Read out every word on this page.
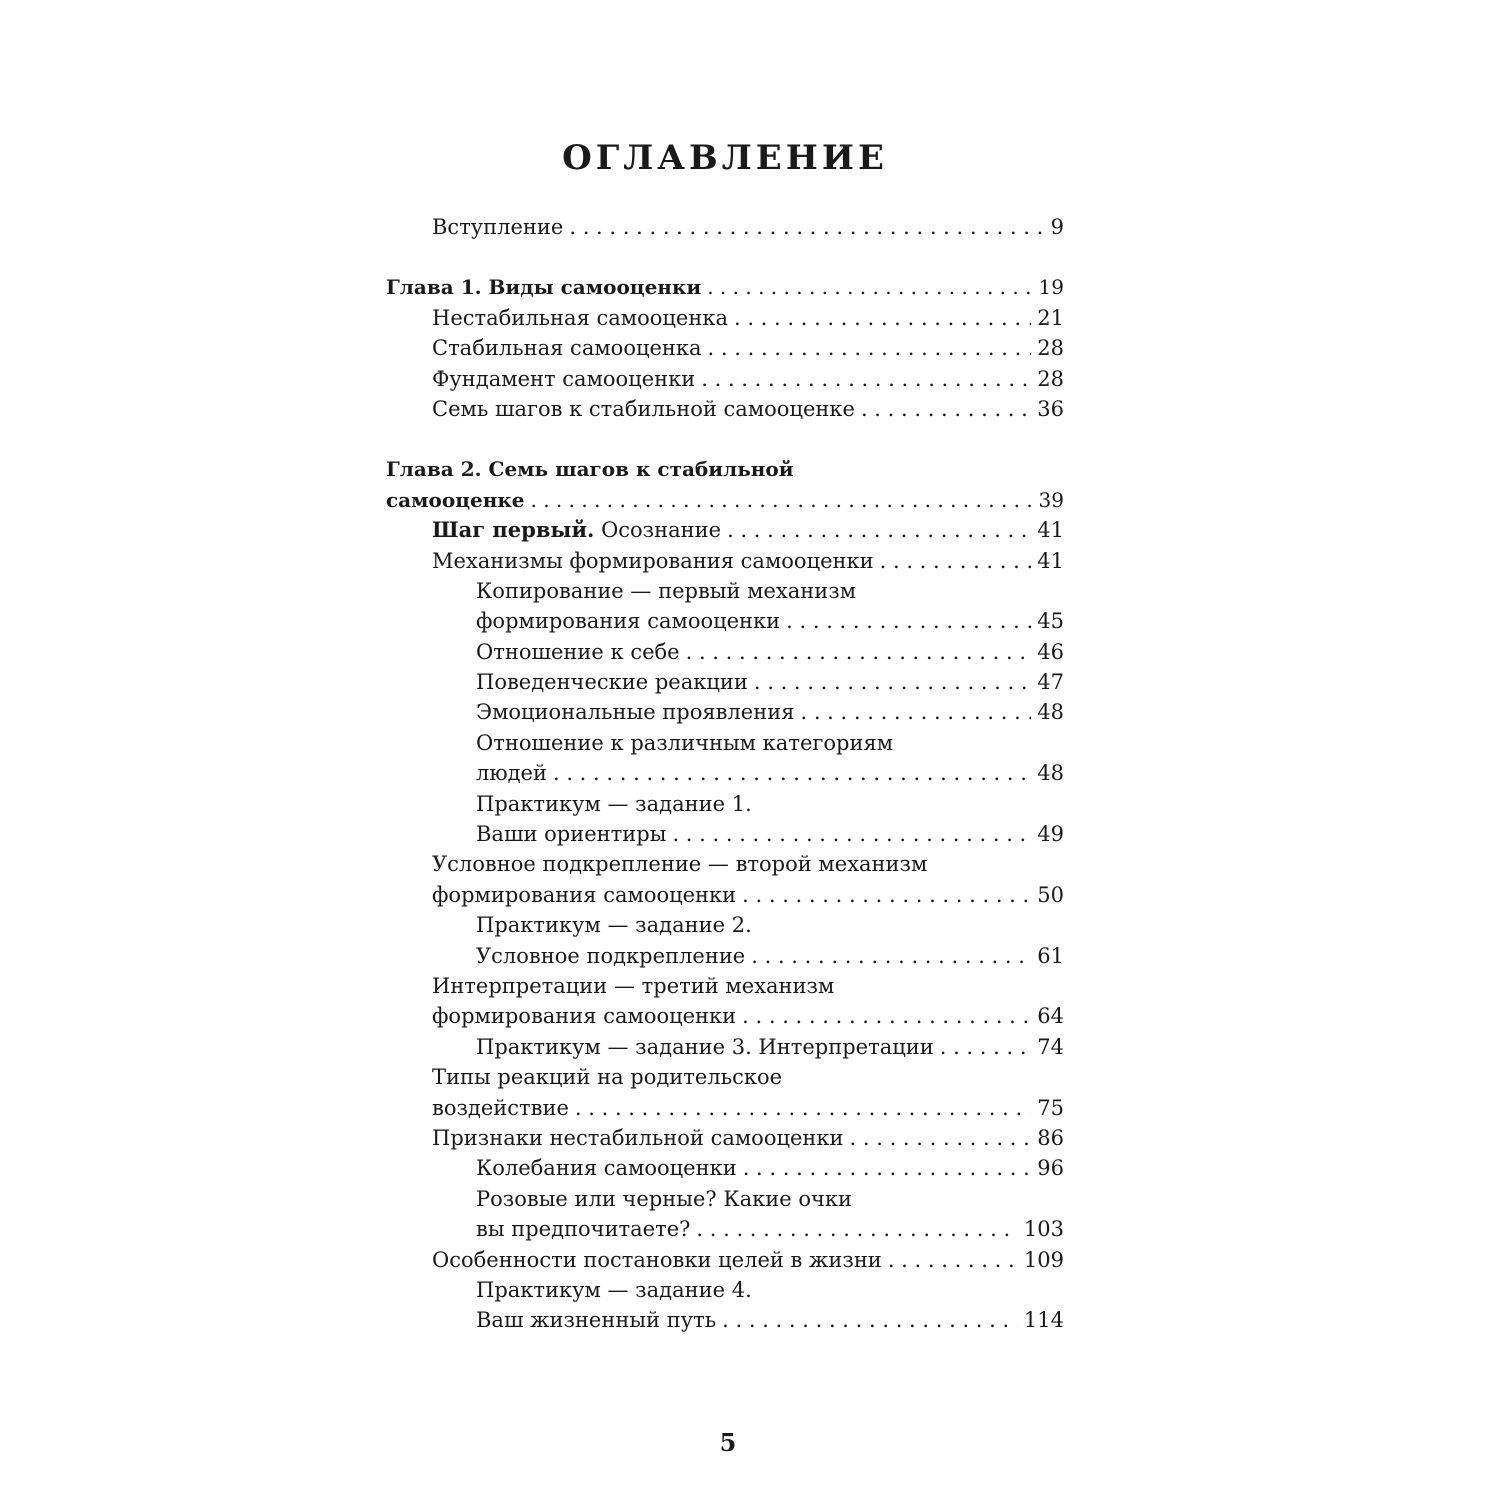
ОГЛАВЛЕНИЕ
Вступление . . .	9
Глава 1. Виды самооценки . . .	19
Нестабильная самооценка . . .	21
Стабильная самооценка . . .	28
Фундамент самооценки . . .	28
Семь шагов к стабильной самооценке . . .	36
Глава 2. Семь шагов к стабильной
самооценке . . .	39
Шаг первый. Осознание . . .	41
Механизмы формирования самооценки . . .	41
Копирование — первый механизм
формирования самооценки . . .	45
Отношение к себе . . .	46
Поведенческие реакции . . .	47
Эмоциональные проявления . . .	48
Отношение к различным категориям
людей . . .	48
Практикум — задание 1.
Ваши ориентиры . . .	49
Условное подкрепление — второй механизм
формирования самооценки . . .	50
Практикум — задание 2.
Условное подкрепление . . .	61
Интерпретации — третий механизм
формирования самооценки . . .	64
Практикум — задание 3. Интерпретации . . .	74
Типы реакций на родительское
воздействие . . .	75
Признаки нестабильной самооценки . . .	86
Колебания самооценки . . .	96
Розовые или черные? Какие очки
вы предпочитаете? . . .	103
Особенности постановки целей в жизни . . .	109
Практикум — задание 4.
Ваш жизненный путь . . .	114
5
